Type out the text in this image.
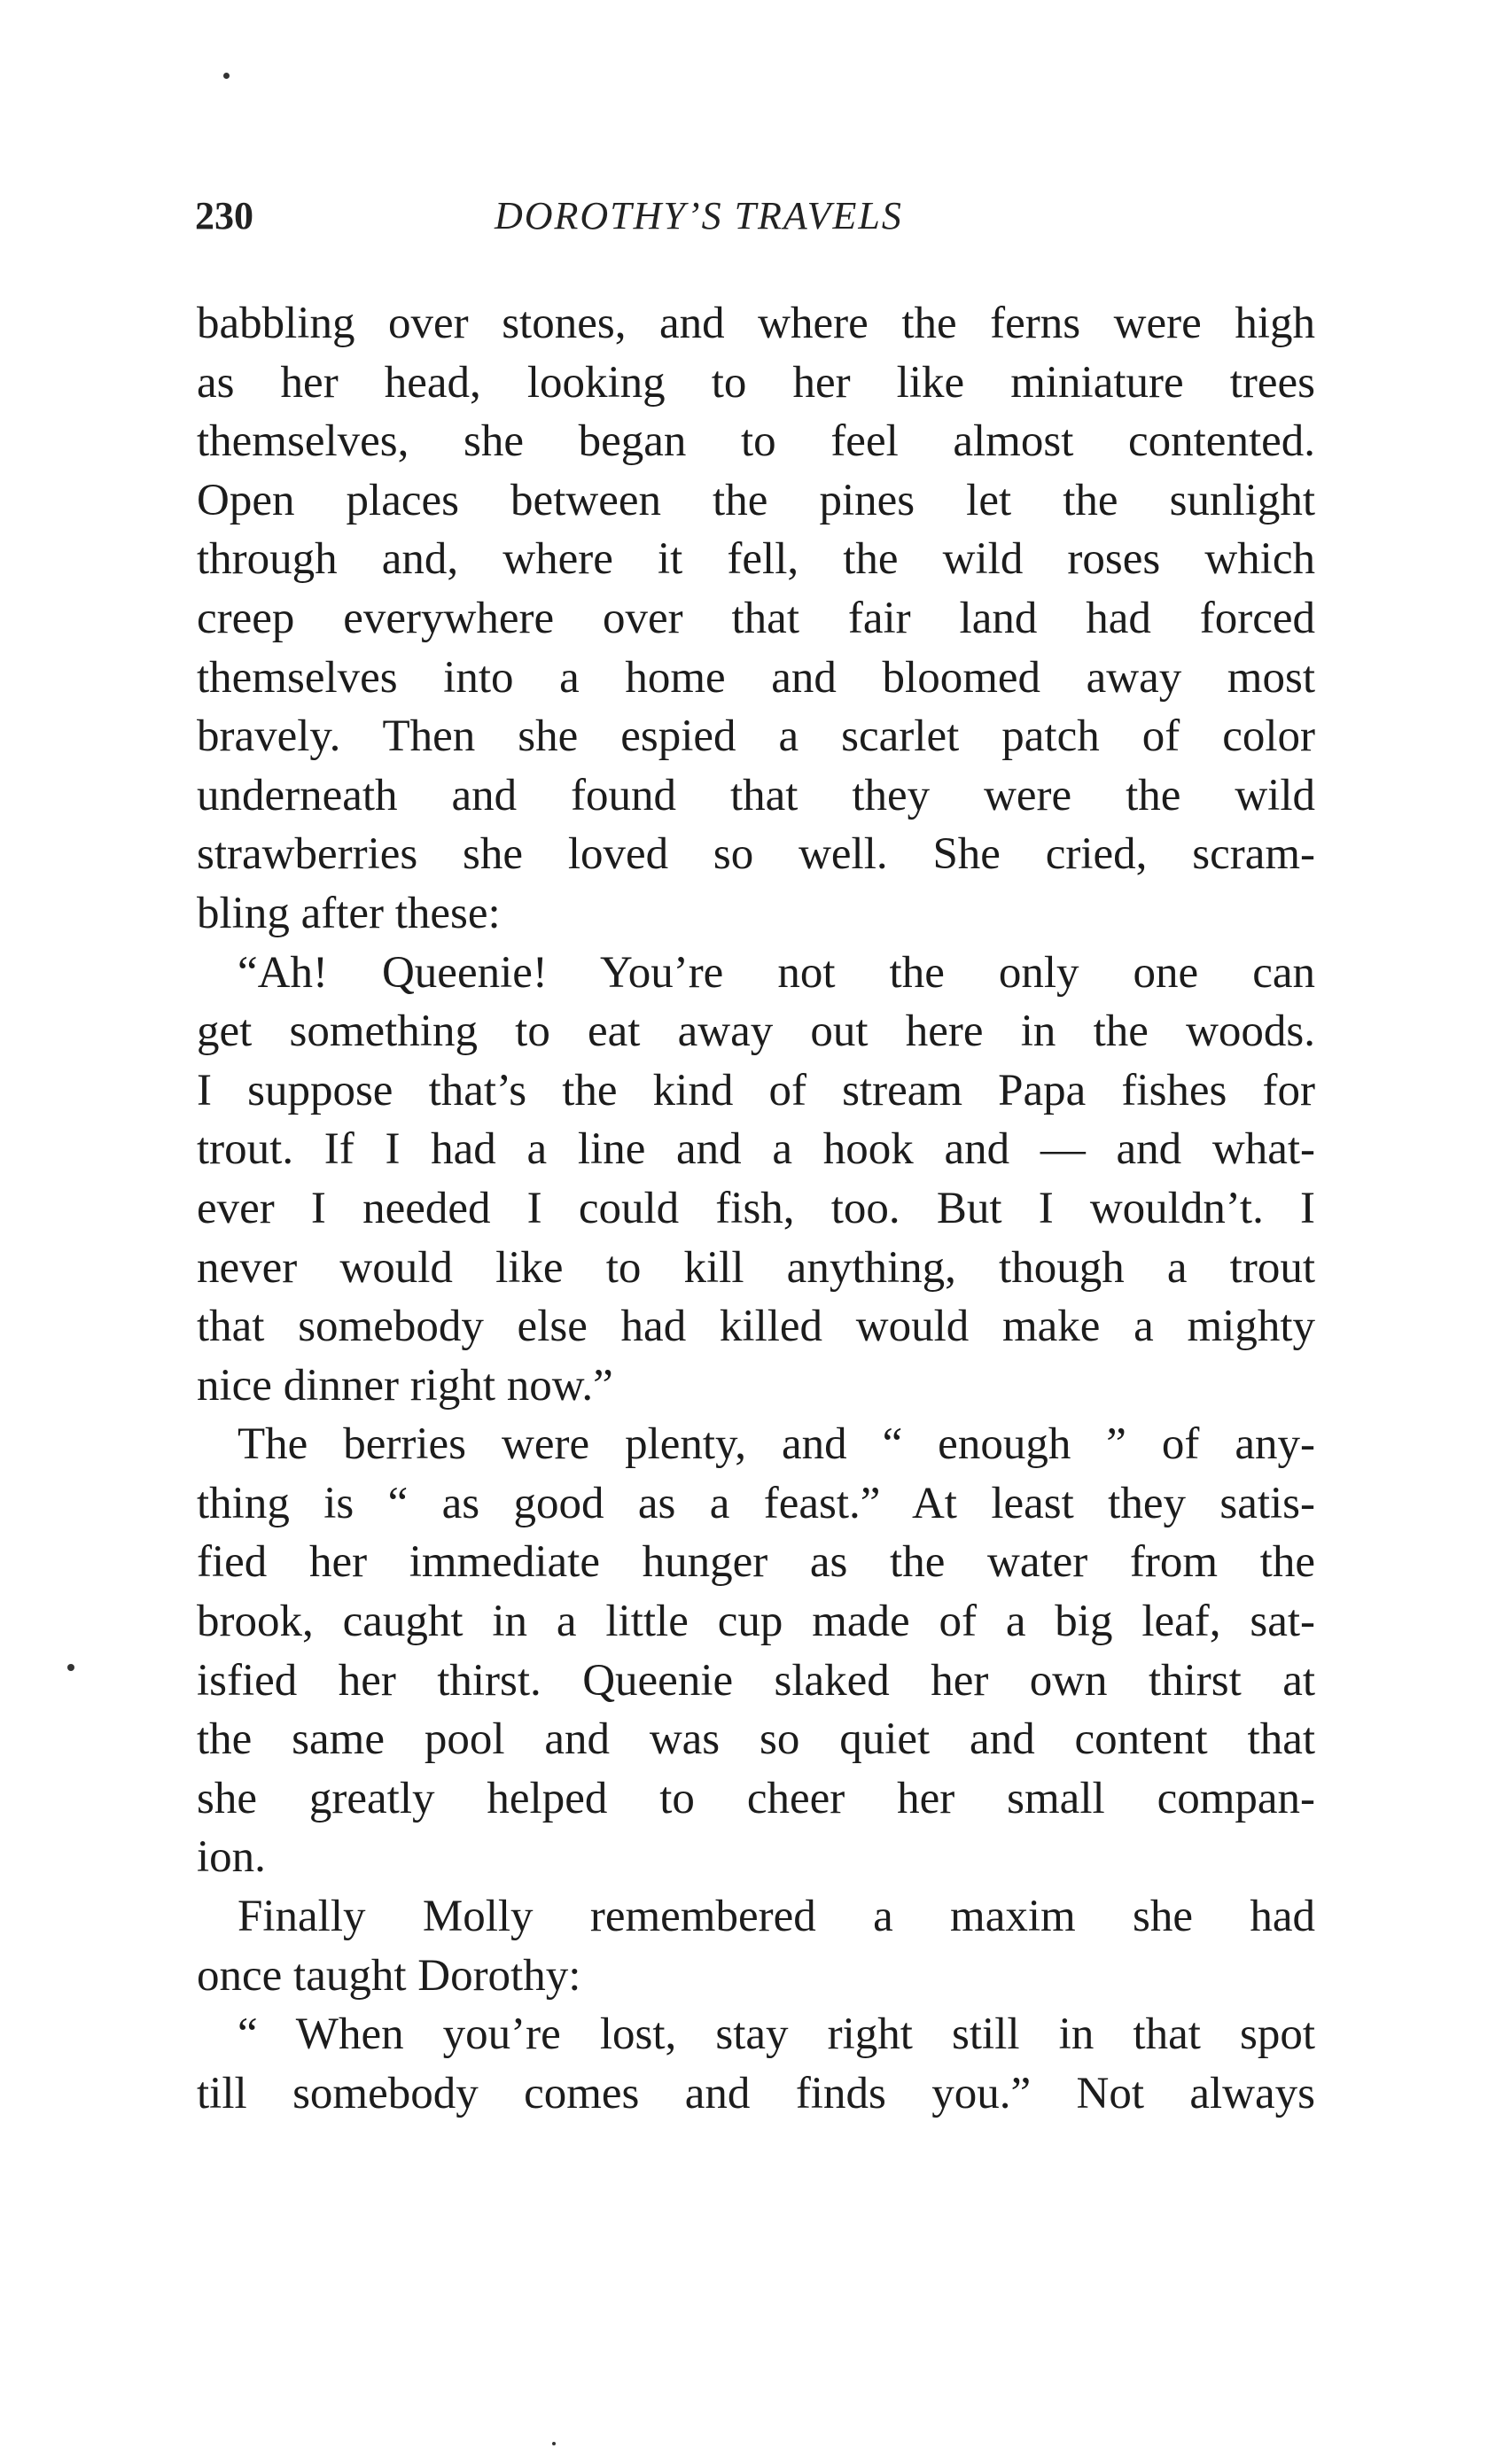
230	DOROTHY’S TRAVELS
babbling over stones, and where the ferns were high
as her head, looking to her like miniature trees
themselves, she began to feel almost contented.
Open places between the pines let the sunlight
through and, where it fell, the wild roses which
creep everywhere over that fair land had forced
themselves into a home and bloomed away most
bravely. Then she espied a scarlet patch of color
underneath and found that they were the wild
strawberries she loved so well. She cried, scram-
bling after these:
“Ah! Queenie! You’re not the only one can
get something to eat away out here in the woods.
I suppose that’s the kind of stream Papa fishes for
trout. If I had a line and a hook and — and what-
ever I needed I could fish, too. But I wouldn’t. I
never would like to kill anything, though a trout
that somebody else had killed would make a mighty
nice dinner right now.”
The berries were plenty, and “ enough ” of any-
thing is “ as good as a feast.” At least they satis-
fied her immediate hunger as the water from the
brook, caught in a little cup made of a big leaf, sat-
isfied her thirst. Queenie slaked her own thirst at
the same pool and was so quiet and content that
she greatly helped to cheer her small compan-
ion.
Finally Molly remembered a maxim she had
once taught Dorothy:
“ When you’re lost, stay right still in that spot
till somebody comes and finds you.” Not always
